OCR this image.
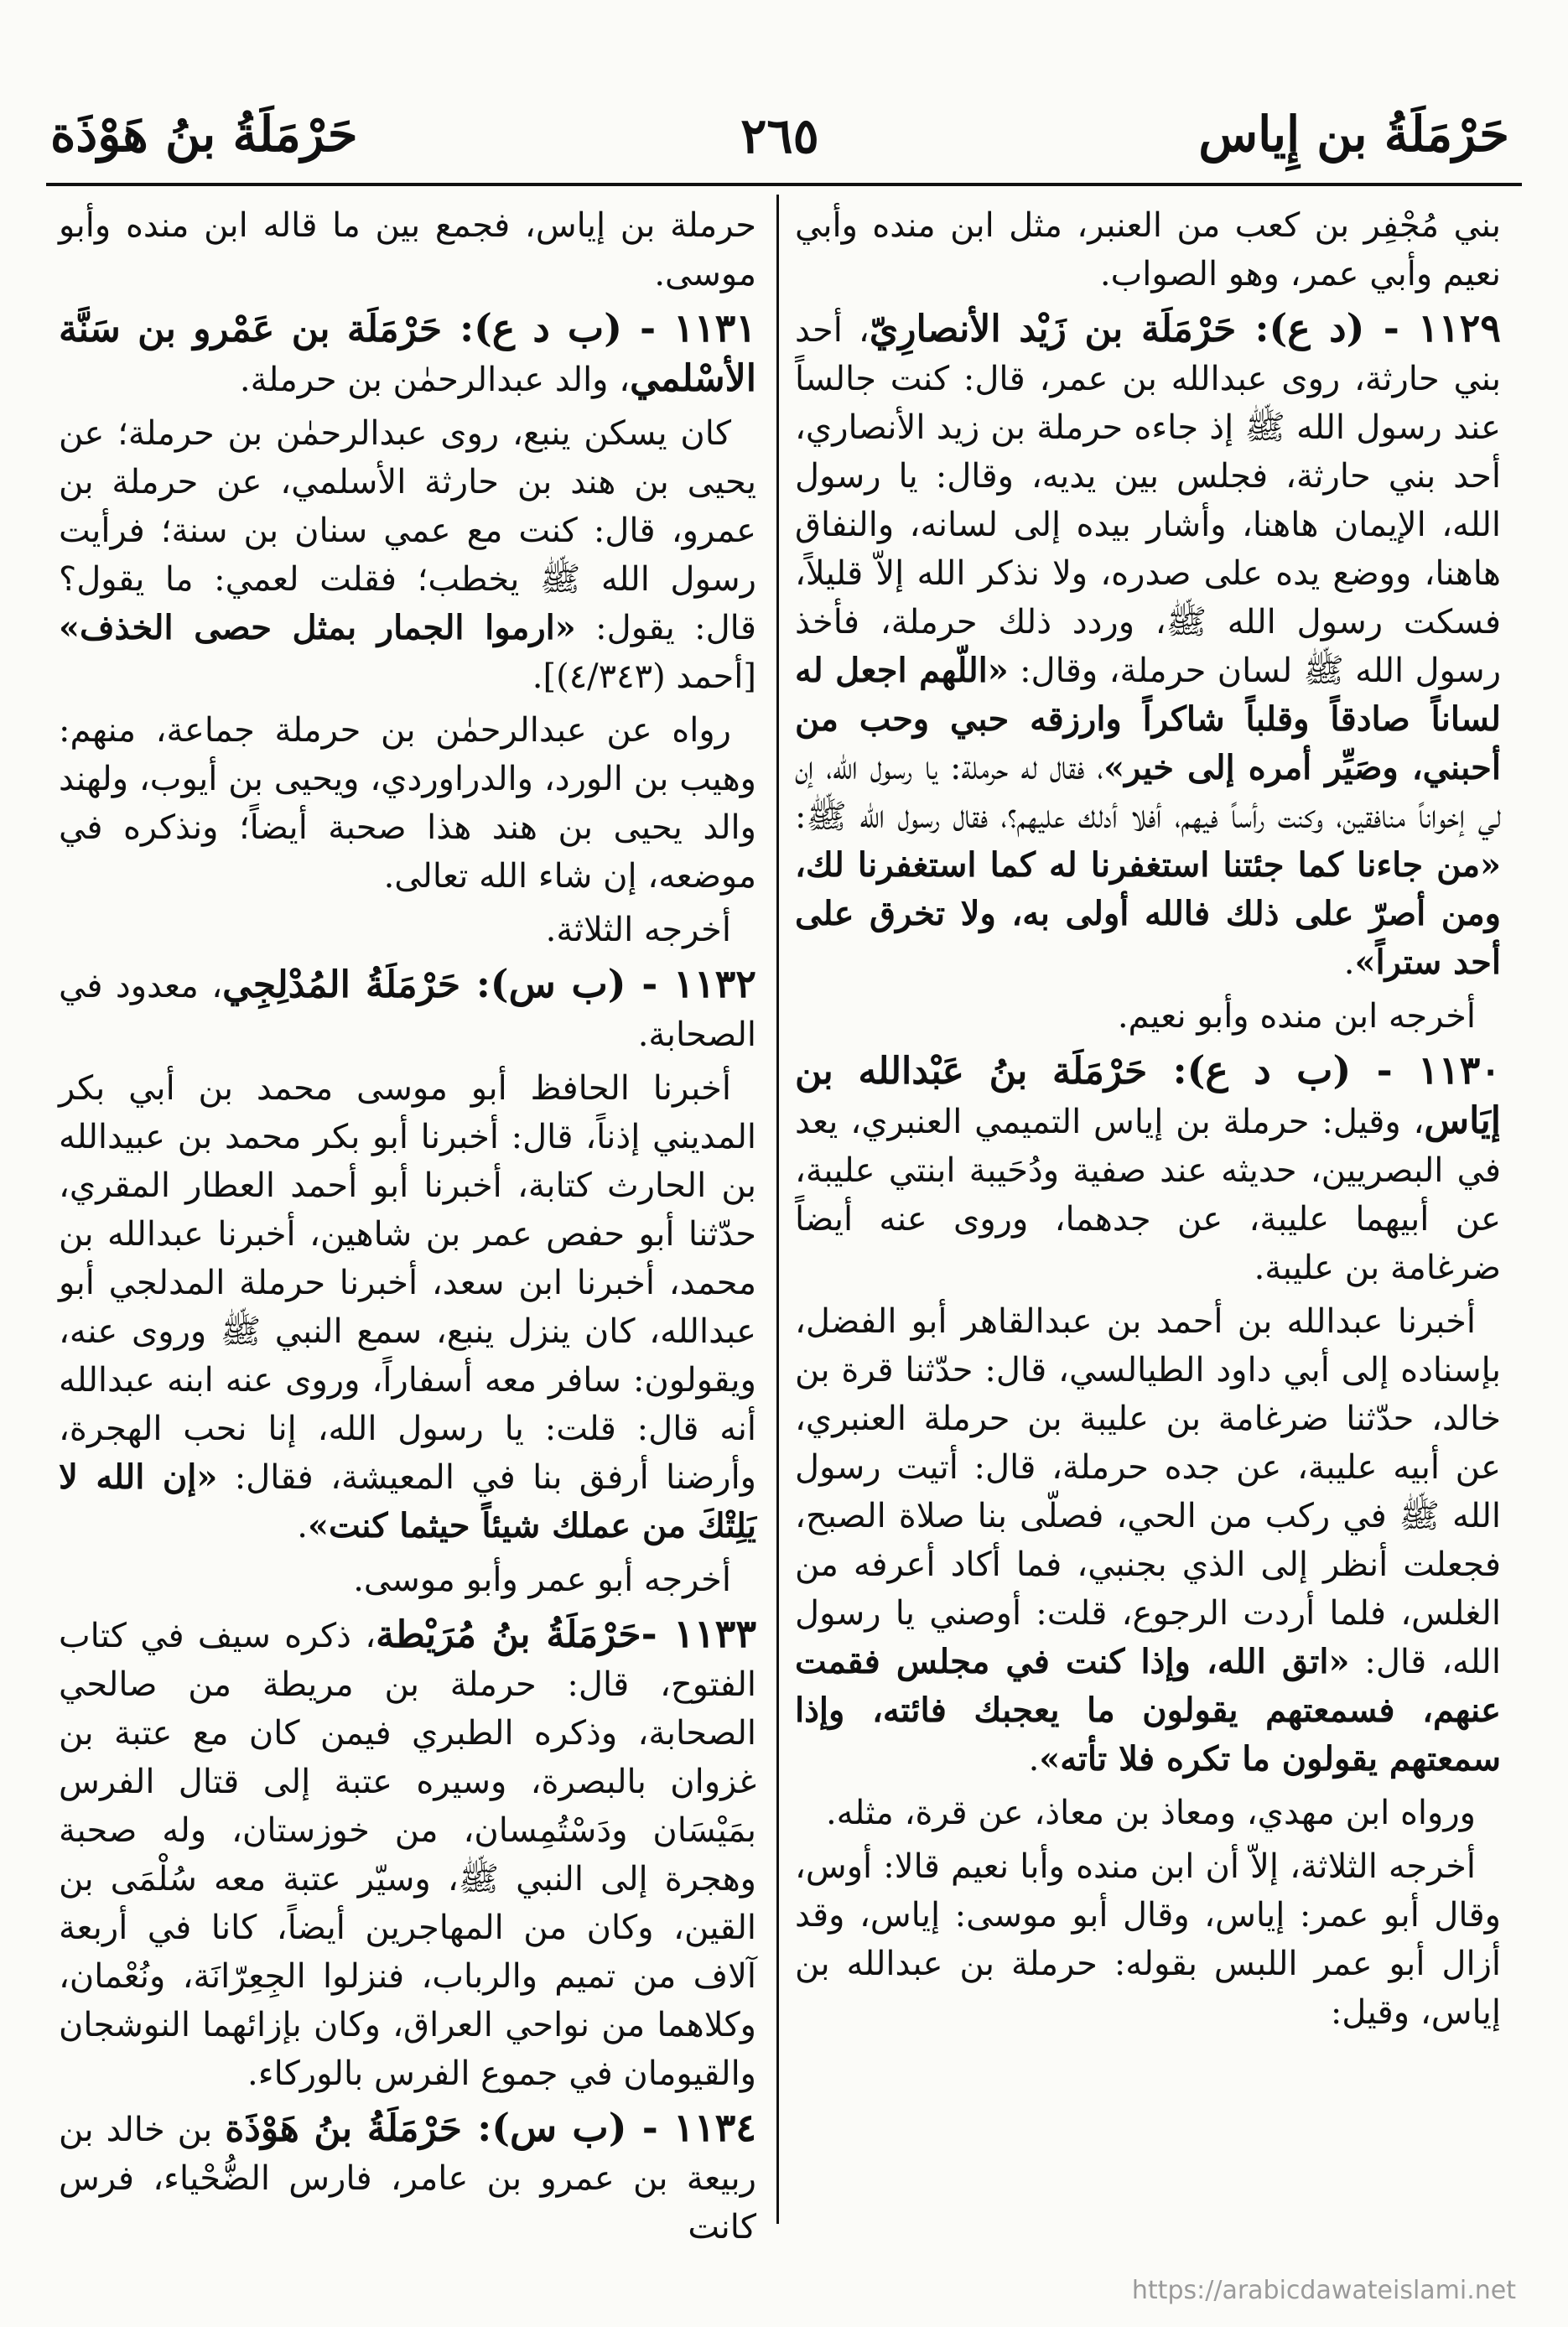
حَرْمَلَةُ بن إِياس
٢٦٥
حَرْمَلَةُ بنُ هَوْذَة

بني مُجْفِر بن كعب من العنبر، مثل ابن منده وأبي نعيم وأبي عمر، وهو الصواب.

١١٢٩ - (د ع): حَرْمَلَة بن زَيْد الأنصارِيّ، أحد بني حارثة، روى عبدالله بن عمر، قال: كنت جالساً عند رسول الله ﷺ إذ جاءه حرملة بن زيد الأنصاري، أحد بني حارثة، فجلس بين يديه، وقال: يا رسول الله، الإيمان هاهنا، وأشار بيده إلى لسانه، والنفاق هاهنا، ووضع يده على صدره، ولا نذكر الله إلاّ قليلاً، فسكت رسول الله ﷺ، وردد ذلك حرملة، فأخذ رسول الله ﷺ لسان حرملة، وقال: «اللّهم اجعل له لساناً صادقاً وقلباً شاكراً وارزقه حبي وحب من أحبني، وصَيِّر أمره إلى خير»، فقال له حرملة: يا رسول الله، إن لي إخواناً منافقين، وكنت رأساً فيهم، أفلا أدلك عليهم؟، فقال رسول الله ﷺ: «من جاءنا كما جئتنا استغفرنا له كما استغفرنا لك، ومن أصرّ على ذلك فالله أولى به، ولا تخرق على أحد ستراً».

أخرجه ابن منده وأبو نعيم.

١١٣٠ - (ب د ع): حَرْمَلَة بنُ عَبْدالله بن إيَاس، وقيل: حرملة بن إياس التميمي العنبري، يعد في البصريين، حديثه عند صفية ودُحَيبة ابنتي عليبة، عن أبيهما عليبة، عن جدهما، وروى عنه أيضاً ضرغامة بن عليبة.

أخبرنا عبدالله بن أحمد بن عبدالقاهر أبو الفضل، بإسناده إلى أبي داود الطيالسي، قال: حدّثنا قرة بن خالد، حدّثنا ضرغامة بن عليبة بن حرملة العنبري، عن أبيه عليبة، عن جده حرملة، قال: أتيت رسول الله ﷺ في ركب من الحي، فصلّى بنا صلاة الصبح، فجعلت أنظر إلى الذي بجنبي، فما أكاد أعرفه من الغلس، فلما أردت الرجوع، قلت: أوصني يا رسول الله، قال: «اتق الله، وإذا كنت في مجلس فقمت عنهم، فسمعتهم يقولون ما يعجبك فائته، وإذا سمعتهم يقولون ما تكره فلا تأته».

ورواه ابن مهدي، ومعاذ بن معاذ، عن قرة، مثله.

أخرجه الثلاثة، إلاّ أن ابن منده وأبا نعيم قالا: أوس، وقال أبو عمر: إياس، وقال أبو موسى: إياس، وقد أزال أبو عمر اللبس بقوله: حرملة بن عبدالله بن إياس، وقيل:

حرملة بن إياس، فجمع بين ما قاله ابن منده وأبو موسى.

١١٣١ - (ب د ع): حَرْمَلَة بن عَمْرو بن سَنَّة الأسْلمي، والد عبدالرحمٰن بن حرملة.

كان يسكن ينبع، روى عبدالرحمٰن بن حرملة؛ عن يحيى بن هند بن حارثة الأسلمي، عن حرملة بن عمرو، قال: كنت مع عمي سنان بن سنة؛ فرأيت رسول الله ﷺ يخطب؛ فقلت لعمي: ما يقول؟ قال: يقول: «ارموا الجمار بمثل حصى الخذف» [أحمد (٤/٣٤٣)].

رواه عن عبدالرحمٰن بن حرملة جماعة، منهم: وهيب بن الورد، والدراوردي، ويحيى بن أيوب، ولهند والد يحيى بن هند هذا صحبة أيضاً؛ ونذكره في موضعه، إن شاء الله تعالى.

أخرجه الثلاثة.

١١٣٢ - (ب س): حَرْمَلَةُ المُدْلِجِي، معدود في الصحابة.

أخبرنا الحافظ أبو موسى محمد بن أبي بكر المديني إذناً، قال: أخبرنا أبو بكر محمد بن عبيدالله بن الحارث كتابة، أخبرنا أبو أحمد العطار المقري، حدّثنا أبو حفص عمر بن شاهين، أخبرنا عبدالله بن محمد، أخبرنا ابن سعد، أخبرنا حرملة المدلجي أبو عبدالله، كان ينزل ينبع، سمع النبي ﷺ وروى عنه، ويقولون: سافر معه أسفاراً، وروى عنه ابنه عبدالله أنه قال: قلت: يا رسول الله، إنا نحب الهجرة، وأرضنا أرفق بنا في المعيشة، فقال: «إن الله لا يَلِتْكَ من عملك شيئاً حيثما كنت».

أخرجه أبو عمر وأبو موسى.

١١٣٣ -حَرْمَلَةُ بنُ مُرَيْطة، ذكره سيف في كتاب الفتوح، قال: حرملة بن مريطة من صالحي الصحابة، وذكره الطبري فيمن كان مع عتبة بن غزوان بالبصرة، وسيره عتبة إلى قتال الفرس بمَيْسَان ودَسْتُمِسان، من خوزستان، وله صحبة وهجرة إلى النبي ﷺ، وسيّر عتبة معه سُلْمَى بن القين، وكان من المهاجرين أيضاً، كانا في أربعة آلاف من تميم والرباب، فنزلوا الجِعِرّانَة، ونُعْمان، وكلاهما من نواحي العراق، وكان بإزائهما النوشجان والقيومان في جموع الفرس بالوركاء.

١١٣٤ - (ب س): حَرْمَلَةُ بنُ هَوْذَة بن خالد بن ربيعة بن عمرو بن عامر، فارس الضُّحْياء، فرس كانت

https://arabicdawateislami.net
